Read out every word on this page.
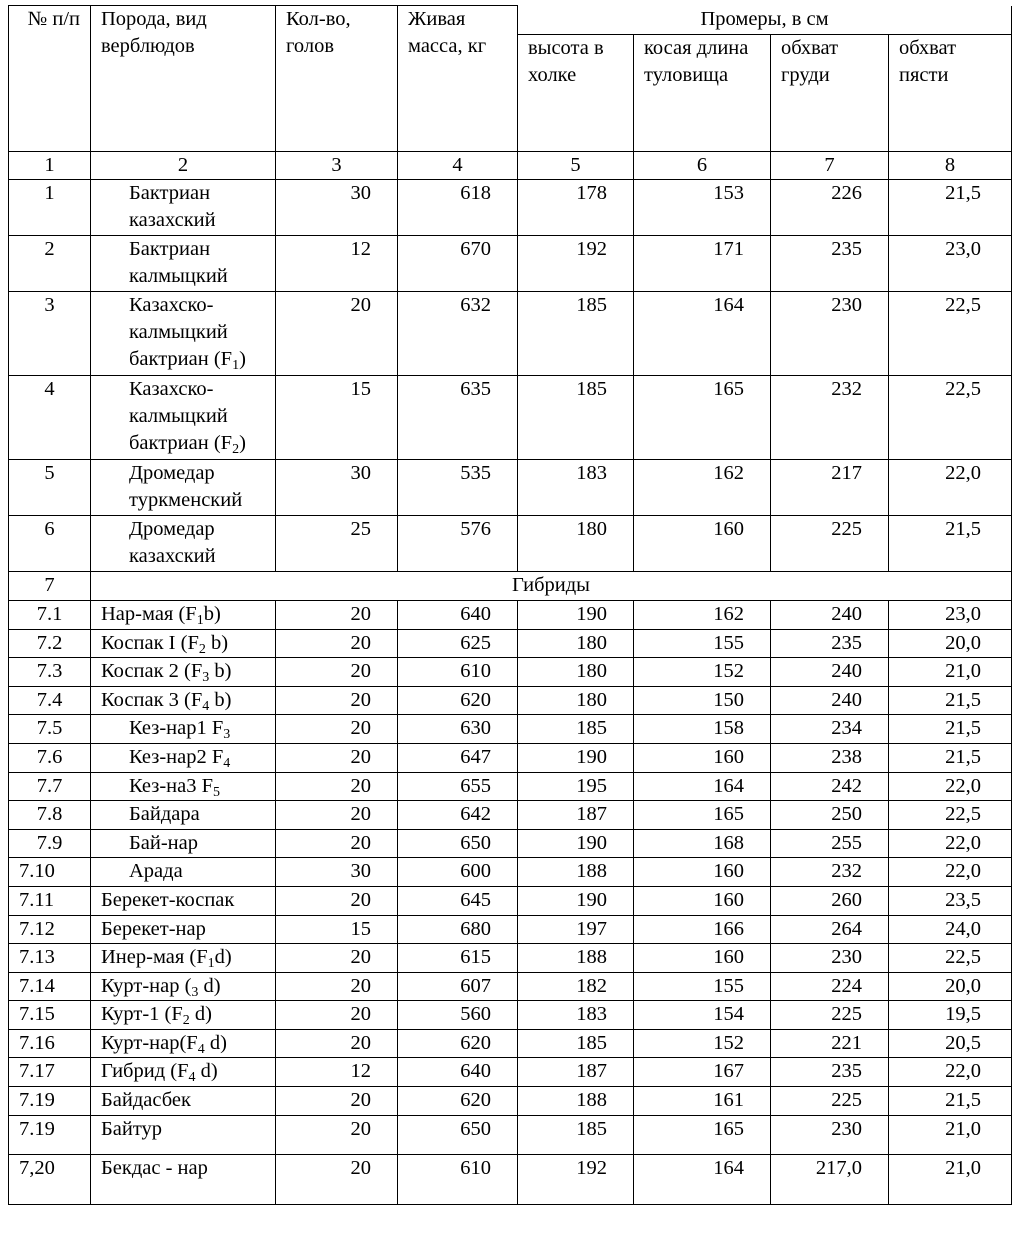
№ п/п	Порода, вид верблюдов	Кол-во, голов	Живая масса, кг	Промеры, в см			
				высота в холке	косая длина туловища	обхват груди	обхват пясти
1	2	3	4	5	6	7	8
1	Бактриан казахский	30	618	178	153	226	21,5
2	Бактриан калмыцкий	12	670	192	171	235	23,0
3	Казахско-калмыцкий бактриан $(F_1)$	20	632	185	164	230	22,5
4	Казахско-калмыцкий бактриан $(F_2)$	15	635	185	165	232	22,5
5	Дромедар туркменский	30	535	183	162	217	22,0
6	Дромедар казахский	25	576	180	160	225	21,5
7	Гибриды						
7.1	Нар-мая $(F_1b)$	20	640	190	162	240	23,0
7.2	Коспак I ($F_2$ b)	20	625	180	155	235	20,0
7.3	Коспак 2 ($F_3$ b)	20	610	180	152	240	21,0
7.4	Коспак 3 ($F_4$ b)	20	620	180	150	240	21,5
7.5	Кез-нар1 $F_3$	20	630	185	158	234	21,5
7.6	Кез-нар2 $F_4$	20	647	190	160	238	21,5
7.7	Кез-на3 $F_5$	20	655	195	164	242	22,0
7.8	Байдара	20	642	187	165	250	22,5
7.9	Бай-нар	20	650	190	168	255	22,0
7.10	Арада	30	600	188	160	232	22,0
7.11	Берекет-коспак	20	645	190	160	260	23,5
7.12	Берекет-нар	15	680	197	166	264	24,0
7.13	Инер-мая $(F_1d)$	20	615	188	160	230	22,5
7.14	Курт-нар ($_3$ d)	20	607	182	155	224	20,0
7.15	Курт-1 ($F_2$ d)	20	560	183	154	225	19,5
7.16	Курт-$нар(F_4$ d)	20	620	185	152	221	20,5
7.17	Гибрид ($F_4$ d)	12	640	187	167	235	22,0
7.19	Байдасбек	20	620	188	161	225	21,5
7.19	Байтур	20	650	185	165	230	21,0
7,20	Бекдас - нар	20	610	192	164	217,0	21,0
